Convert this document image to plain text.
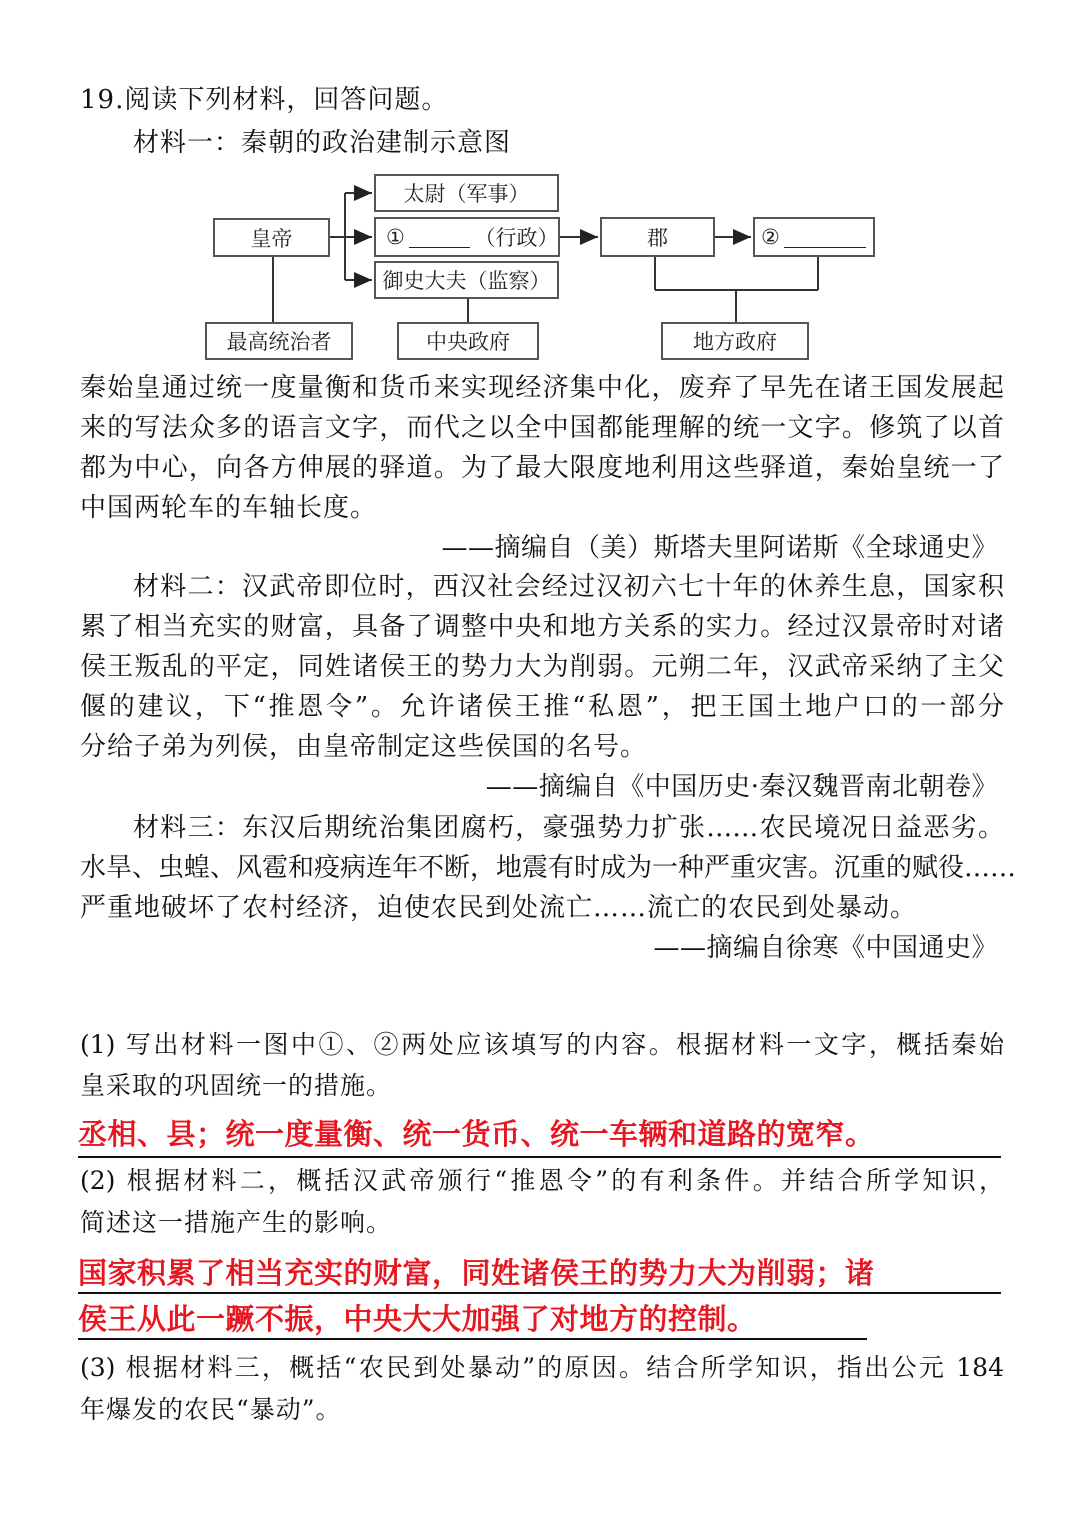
19.阅读下列材料，回答问题。
材料一：秦朝的政治建制示意图
皇帝
太尉（军事）
①	（行政）
御史大夫（监察）
郡	②
最高统治者	中央政府	地方政府
秦始皇通过统一度量衡和货币来实现经济集中化，废弃了早先在诸王国发展起
来的写法众多的语言文字，而代之以全中国都能理解的统一文字。修筑了以首
都为中心，向各方伸展的驿道。为了最大限度地利用这些驿道，秦始皇统一了
中国两轮车的车轴长度。
——摘编自（美）斯塔夫里阿诺斯《全球通史》
材料二：汉武帝即位时，西汉社会经过汉初六七十年的休养生息，国家积
累了相当充实的财富，具备了调整中央和地方关系的实力。经过汉景帝时对诸
侯王叛乱的平定，同姓诸侯王的势力大为削弱。元朔二年，汉武帝采纳了主父
偃的建议，下“推恩令”。允许诸侯王推“私恩”，把王国土地户口的一部分
分给子弟为列侯，由皇帝制定这些侯国的名号。
——摘编自《中国历史·秦汉魏晋南北朝卷》
材料三：东汉后期统治集团腐朽，豪强势力扩张……农民境况日益恶劣。
水旱、虫蝗、风雹和疫病连年不断，地震有时成为一种严重灾害。沉重的赋役……
严重地破坏了农村经济，迫使农民到处流亡……流亡的农民到处暴动。
——摘编自徐寒《中国通史》
(1) 写出材料一图中①、②两处应该填写的内容。根据材料一文字，概括秦始
皇采取的巩固统一的措施。
丞相、县；统一度量衡、统一货币、统一车辆和道路的宽窄。
(2) 根据材料二，概括汉武帝颁行“推恩令”的有利条件。并结合所学知识，
简述这一措施产生的影响。
国家积累了相当充实的财富，同姓诸侯王的势力大为削弱；诸
侯王从此一蹶不振，中央大大加强了对地方的控制。
(3) 根据材料三，概括“农民到处暴动”的原因。结合所学知识，指出公元 184
年爆发的农民“暴动”。
